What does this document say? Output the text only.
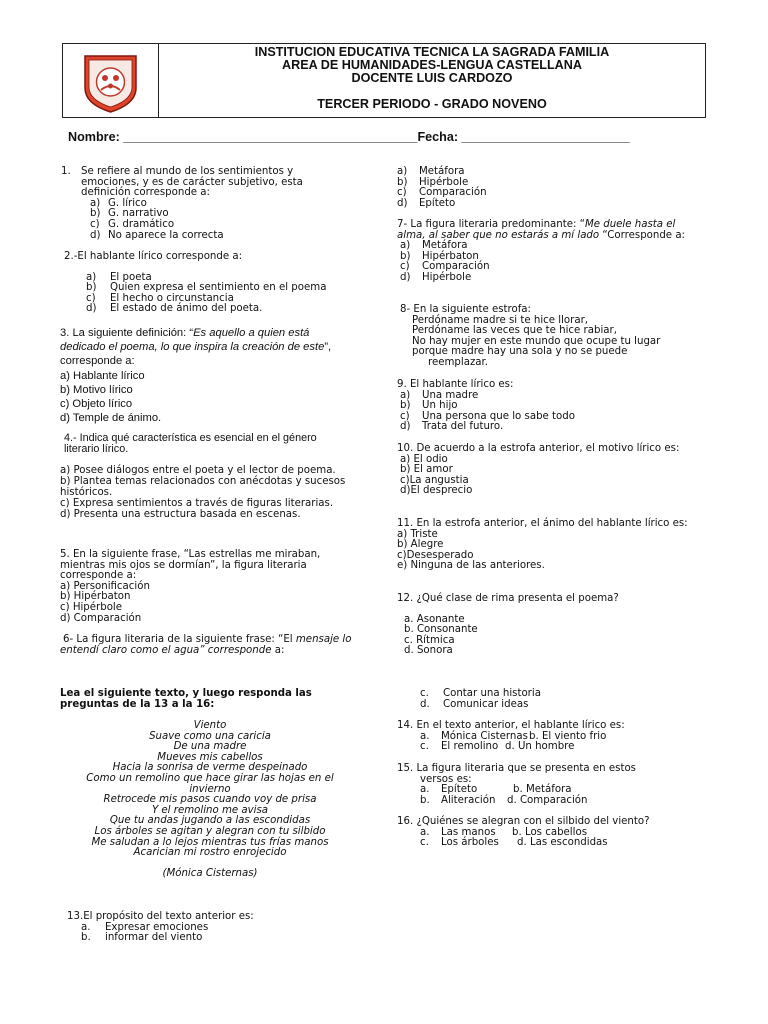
INSTITUCION EDUCATIVA TECNICA LA SAGRADA FAMILIA
AREA DE HUMANIDADES-LENGUA CASTELLANA
DOCENTE LUIS CARDOZO
TERCER PERIODO - GRADO NOVENO
Nombre: __________________________________________Fecha: ________________________
1.	Se refiere al mundo de los sentimientos y emociones, y es de carácter subjetivo, esta definición corresponde a:
a) G. lírico
b) G. narrativo
c) G. dramático
d) No aparece la correcta
2.-El hablante lírico corresponde a:
a)	El poeta
b)	Quien expresa el sentimiento en el poema
c)	El hecho o circunstancia
d)	El estado de ánimo del poeta.
3. La siguiente definición: “Es aquello a quien está dedicado el poema, lo que inspira la creación de este”, corresponde a:
a) Hablante lírico
b) Motivo lírico
c) Objeto lírico
d) Temple de ánimo.
4.- Indica qué característica es esencial en el género literario lírico.
a) Posee diálogos entre el poeta y el lector de poema.
b) Plantea temas relacionados con anécdotas y sucesos históricos.
c) Expresa sentimientos a través de figuras literarias.
d) Presenta una estructura basada en escenas.
5. En la siguiente frase, “Las estrellas me miraban, mientras mis ojos se dormían”, la figura literaria corresponde a:
a) Personificación
b) Hipérbaton
c) Hipérbole
d) Comparación
6- La figura literaria de la siguiente frase: “El mensaje lo entendí claro como el agua” corresponde a:
Lea el siguiente texto, y luego responda las preguntas de la 13 a la 16:
Viento
Suave como una caricia
De una madre
Mueves mis cabellos
Hacia la sonrisa de verme despeinado
Como un remolino que hace girar las hojas en el
invierno
Retrocede mis pasos cuando voy de prisa
Y el remolino me avisa
Que tu andas jugando a las escondidas
Los árboles se agitan y alegran con tu silbido
Me saludan a lo lejos mientras tus frías manos
Acarician mi rostro enrojecido
(Mónica Cisternas)
13.El propósito del texto anterior es:
a.	Expresar emociones
b.	informar del viento
a)	Metáfora
b)	Hipérbole
c)	Comparación
d)	Epíteto
7- La figura literaria predominante: “Me duele hasta el alma, al saber que no estarás a mí lado “Corresponde a:
a)	Metáfora
b)	Hipérbaton
c)	Comparación
d)	Hipérbole
8- En la siguiente estrofa:
Perdóname madre si te hice llorar,
Perdóname las veces que te hice rabiar,
No hay mujer en este mundo que ocupe tu lugar
porque madre hay una sola y no se puede
reemplazar.
9. El hablante lírico es:
a)	Una madre
b)	Un hijo
c)	Una persona que lo sabe todo
d)	Trata del futuro.
10. De acuerdo a la estrofa anterior, el motivo lírico es:
a) El odio
b) El amor
c)La angustia
d)El desprecio
11. En la estrofa anterior, el ánimo del hablante lírico es:
a) Triste
b) Alegre
c)Desesperado
e) Ninguna de las anteriores.
12. ¿Qué clase de rima presenta el poema?
a. Asonante
b. Consonante
c. Rítmica
d. Sonora
c.	Contar una historia
d.	Comunicar ideas
14. En el texto anterior, el hablante lírico es:
a.	Mónica Cisternas b. El viento frio
c.	El remolino d. Un hombre
15. La figura literaria que se presenta en estos
versos es:
a.	Epíteto	b. Metáfora
b.	Aliteración	d. Comparación
16. ¿Quiénes se alegran con el silbido del viento?
a.	Las manos	b. Los cabellos
c.	Los árboles	d. Las escondidas
